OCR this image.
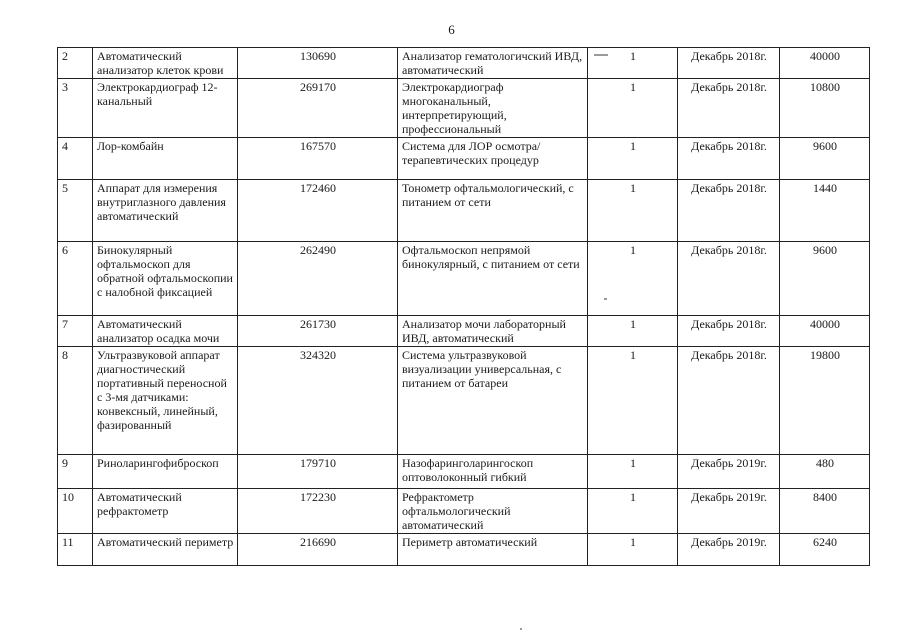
6
2	Автоматический анализатор клеток крови	130690	Анализатор гематологичский ИВД, автоматический	1	Декабрь 2018г.	40000
3	Электрокардиограф 12-канальный	269170	Электрокардиограф многоканальный, интерпретирующий, профессиональный	1	Декабрь 2018г.	10800
4	Лор-комбайн	167570	Система для ЛОР осмотра/терапевтических процедур	1	Декабрь 2018г.	9600
5	Аппарат для измерения внутриглазного давления автоматический	172460	Тонометр офтальмологический, с питанием от сети	1	Декабрь 2018г.	1440
6	Бинокулярный офтальмоскоп для обратной офтальмоскопии с налобной фиксацией	262490	Офтальмоскоп непрямой бинокулярный, с питанием от сети	1	Декабрь 2018г.	9600
7	Автоматический анализатор осадка мочи	261730	Анализатор мочи лабораторный ИВД, автоматический	1	Декабрь 2018г.	40000
8	Ультразвуковой аппарат диагностический портативный переносной с 3-мя датчиками: конвексный, линейный, фазированный	324320	Система ультразвуковой визуализации универсальная, с питанием от батареи	1	Декабрь 2018г.	19800
9	Риноларингофиброскоп	179710	Назофаринголарингоскоп оптоволоконный гибкий	1	Декабрь 2019г.	480
10	Автоматический рефрактометр	172230	Рефрактометр офтальмологический автоматический	1	Декабрь 2019г.	8400
11	Автоматический периметр	216690	Периметр автоматический	1	Декабрь 2019г.	6240
